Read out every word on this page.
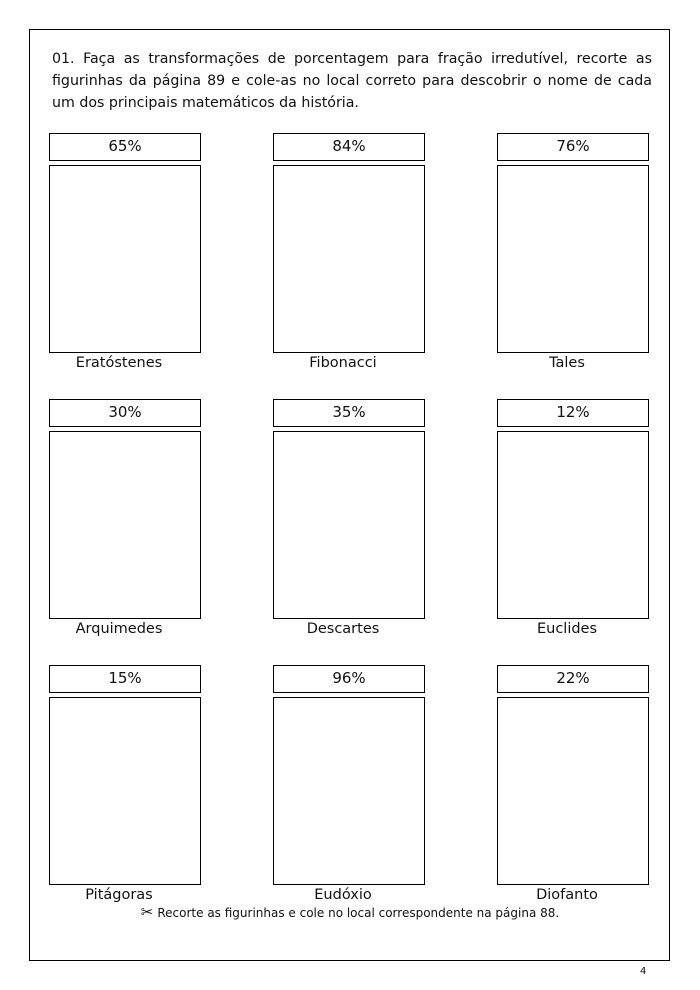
01. Faça as transformações de porcentagem para fração irredutível, recorte as figurinhas da página 89 e cole-as no local correto para descobrir o nome de cada um dos principais matemáticos da história.

65%
Eratóstenes
84%
Fibonacci
76%
Tales
30%
Arquimedes
35%
Descartes
12%
Euclides
15%
Pitágoras
96%
Eudóxio
22%
Diofanto
✂ Recorte as figurinhas e cole no local correspondente na página 88.
4
